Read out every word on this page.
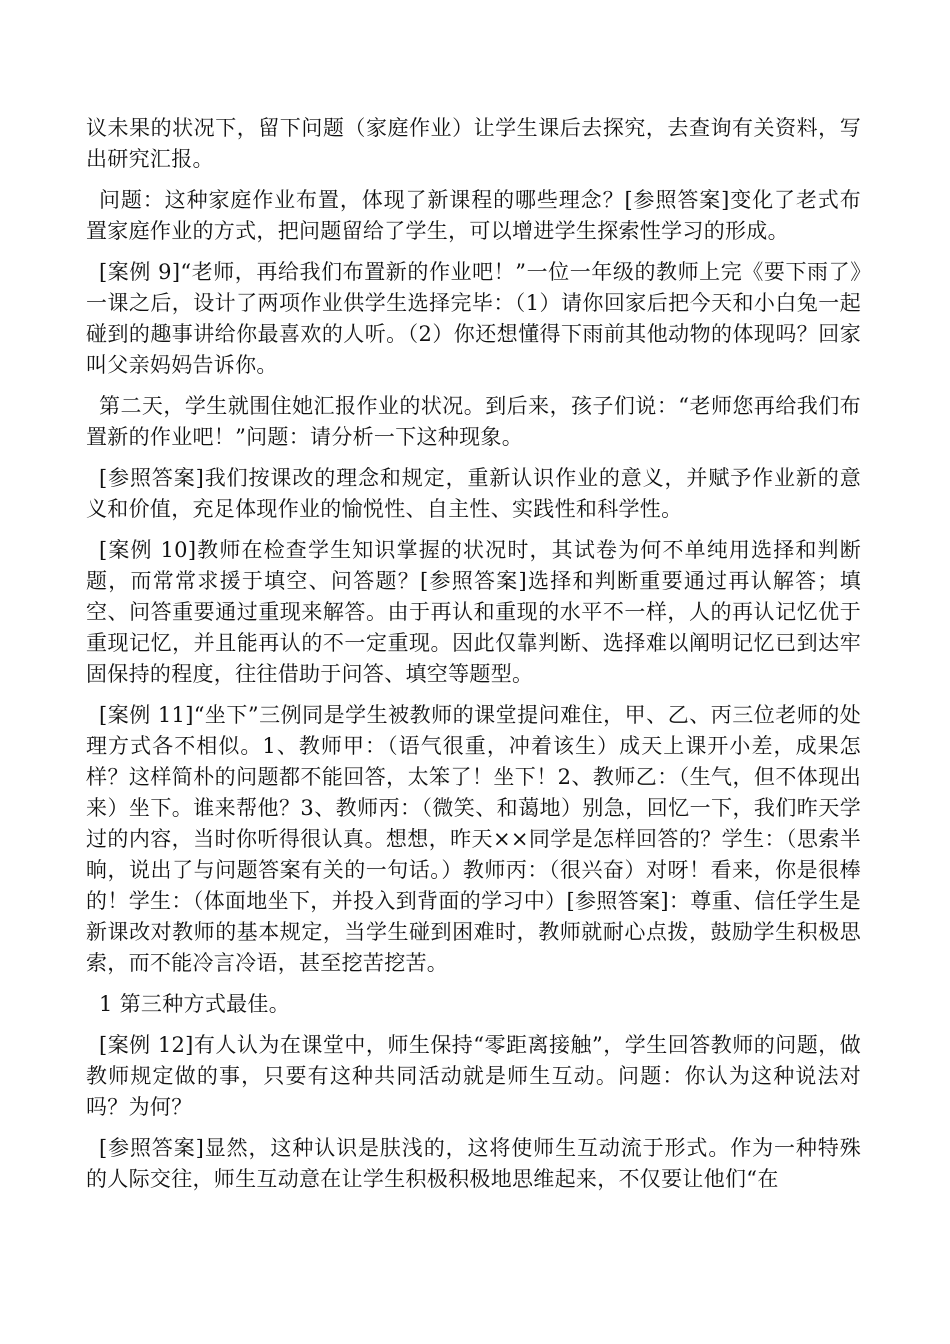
议未果的状况下，留下问题（家庭作业）让学生课后去探究，去查询有关资料，写出研究汇报。

问题：这种家庭作业布置，体现了新课程的哪些理念？[参照答案]变化了老式布置家庭作业的方式，把问题留给了学生，可以增进学生探索性学习的形成。

[案例 9]“老师，再给我们布置新的作业吧！”一位一年级的教师上完《要下雨了》一课之后，设计了两项作业供学生选择完毕：（1）请你回家后把今天和小白兔一起碰到的趣事讲给你最喜欢的人听。（2）你还想懂得下雨前其他动物的体现吗？回家叫父亲妈妈告诉你。

第二天，学生就围住她汇报作业的状况。到后来，孩子们说：“老师您再给我们布置新的作业吧！”问题：请分析一下这种现象。

[参照答案]我们按课改的理念和规定，重新认识作业的意义，并赋予作业新的意义和价值，充足体现作业的愉悦性、自主性、实践性和科学性。

[案例 10]教师在检查学生知识掌握的状况时，其试卷为何不单纯用选择和判断题，而常常求援于填空、问答题？[参照答案]选择和判断重要通过再认解答；填空、问答重要通过重现来解答。由于再认和重现的水平不一样，人的再认记忆优于重现记忆，并且能再认的不一定重现。因此仅靠判断、选择难以阐明记忆已到达牢固保持的程度，往往借助于问答、填空等题型。

[案例 11]“坐下”三例同是学生被教师的课堂提问难住，甲、乙、丙三位老师的处理方式各不相似。1、教师甲：（语气很重，冲着该生）成天上课开小差，成果怎样？这样简朴的问题都不能回答，太笨了！坐下！2、教师乙：（生气，但不体现出来）坐下。谁来帮他？3、教师丙：（微笑、和蔼地）别急，回忆一下，我们昨天学过的内容，当时你听得很认真。想想，昨天××同学是怎样回答的？学生：（思索半晌，说出了与问题答案有关的一句话。）教师丙：（很兴奋）对呀！看来，你是很棒的！学生：（体面地坐下，并投入到背面的学习中）[参照答案]：尊重、信任学生是新课改对教师的基本规定，当学生碰到困难时，教师就耐心点拨，鼓励学生积极思索，而不能冷言冷语，甚至挖苦挖苦。

1 第三种方式最佳。

[案例 12]有人认为在课堂中，师生保持“零距离接触”，学生回答教师的问题，做教师规定做的事，只要有这种共同活动就是师生互动。问题：你认为这种说法对吗？为何？

[参照答案]显然，这种认识是肤浅的，这将使师生互动流于形式。作为一种特殊的人际交往，师生互动意在让学生积极积极地思维起来，不仅要让他们“在
